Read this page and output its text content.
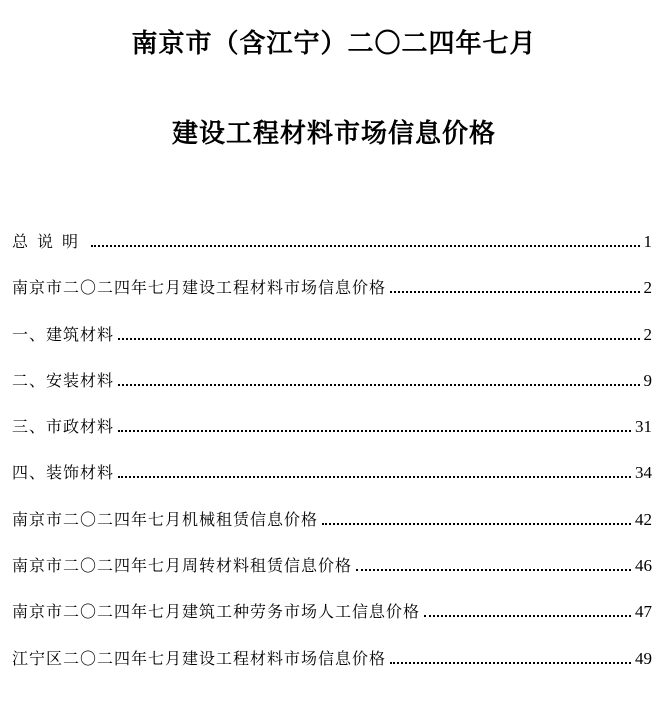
南京市（含江宁）二〇二四年七月
建设工程材料市场信息价格
总说明	1
南京市二〇二四年七月建设工程材料市场信息价格	2
一、建筑材料	2
二、安装材料	9
三、市政材料	31
四、装饰材料	34
南京市二〇二四年七月机械租赁信息价格	42
南京市二〇二四年七月周转材料租赁信息价格	46
南京市二〇二四年七月建筑工种劳务市场人工信息价格	47
江宁区二〇二四年七月建设工程材料市场信息价格	49
